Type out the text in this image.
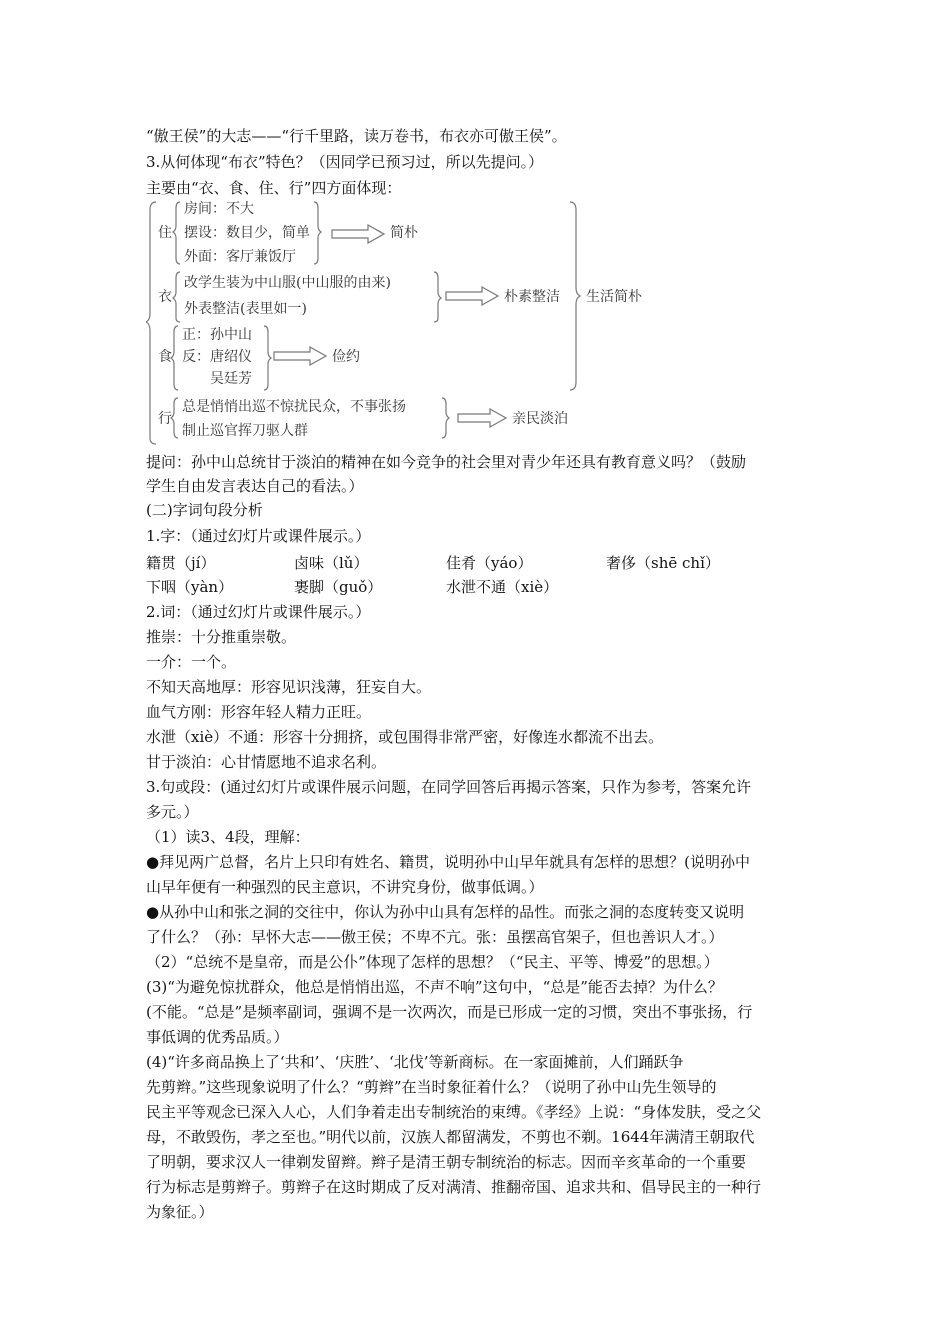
“傲王侯”的大志——“行千里路，读万卷书，布衣亦可傲王侯”。
3.从何体现“布衣”特色？（因同学已预习过，所以先提问。）
主要由“衣、食、住、行”四方面体现：
住
房间：不大
摆设：数目少，简单
外面：客厅兼饭厅
简朴
衣
改学生装为中山服(中山服的由来)
外表整洁(表里如一)
朴素整洁 生活简朴
食
正：孙中山
反：唐绍仪
吴廷芳
俭约
行
总是悄悄出巡不惊扰民众，不事张扬
制止巡官挥刀驱人群
亲民淡泊
提问：孙中山总统甘于淡泊的精神在如今竞争的社会里对青少年还具有教育意义吗？（鼓励
学生自由发言表达自己的看法。）
(二)字词句段分析
1.字：（通过幻灯片或课件展示。）
籍贯（jí）	卤味（lǔ）	佳肴（yáo）	奢侈（shē chǐ）
下咽（yàn）	裹脚（guǒ）	水泄不通（xiè）
2.词：（通过幻灯片或课件展示。）
推崇：十分推重崇敬。
一介：一个。
不知天高地厚：形容见识浅薄，狂妄自大。
血气方刚：形容年轻人精力正旺。
水泄（xiè）不通：形容十分拥挤，或包围得非常严密，好像连水都流不出去。
甘于淡泊：心甘情愿地不追求名利。
3.句或段：(通过幻灯片或课件展示问题，在同学回答后再揭示答案，只作为参考，答案允许
多元。）
（1）读3、4段，理解：
●拜见两广总督，名片上只印有姓名、籍贯，说明孙中山早年就具有怎样的思想？(说明孙中
山早年便有一种强烈的民主意识，不讲究身份，做事低调。）
●从孙中山和张之洞的交往中，你认为孙中山具有怎样的品性。而张之洞的态度转变又说明
了什么？（孙：早怀大志——傲王侯；不卑不亢。张：虽摆高官架子，但也善识人才。）
（2）“总统不是皇帝，而是公仆”体现了怎样的思想？（“民主、平等、博爱”的思想。）
(3)“为避免惊扰群众，他总是悄悄出巡，不声不响”这句中，“总是”能否去掉？为什么？
(不能。“总是”是频率副词，强调不是一次两次，而是已形成一定的习惯，突出不事张扬，行
事低调的优秀品质。）
(4)“许多商品换上了‘共和’、‘庆胜’、‘北伐’等新商标。在一家面摊前，人们踊跃争
先剪辫。”这些现象说明了什么？“剪辫”在当时象征着什么？（说明了孙中山先生领导的
民主平等观念已深入人心，人们争着走出专制统治的束缚。《孝经》上说：“身体发肤，受之父
母，不敢毁伤，孝之至也。”明代以前，汉族人都留满发，不剪也不剃。1644年满清王朝取代
了明朝，要求汉人一律剃发留辫。辫子是清王朝专制统治的标志。因而辛亥革命的一个重要
行为标志是剪辫子。剪辫子在这时期成了反对满清、推翻帝国、追求共和、倡导民主的一种行
为象征。）
